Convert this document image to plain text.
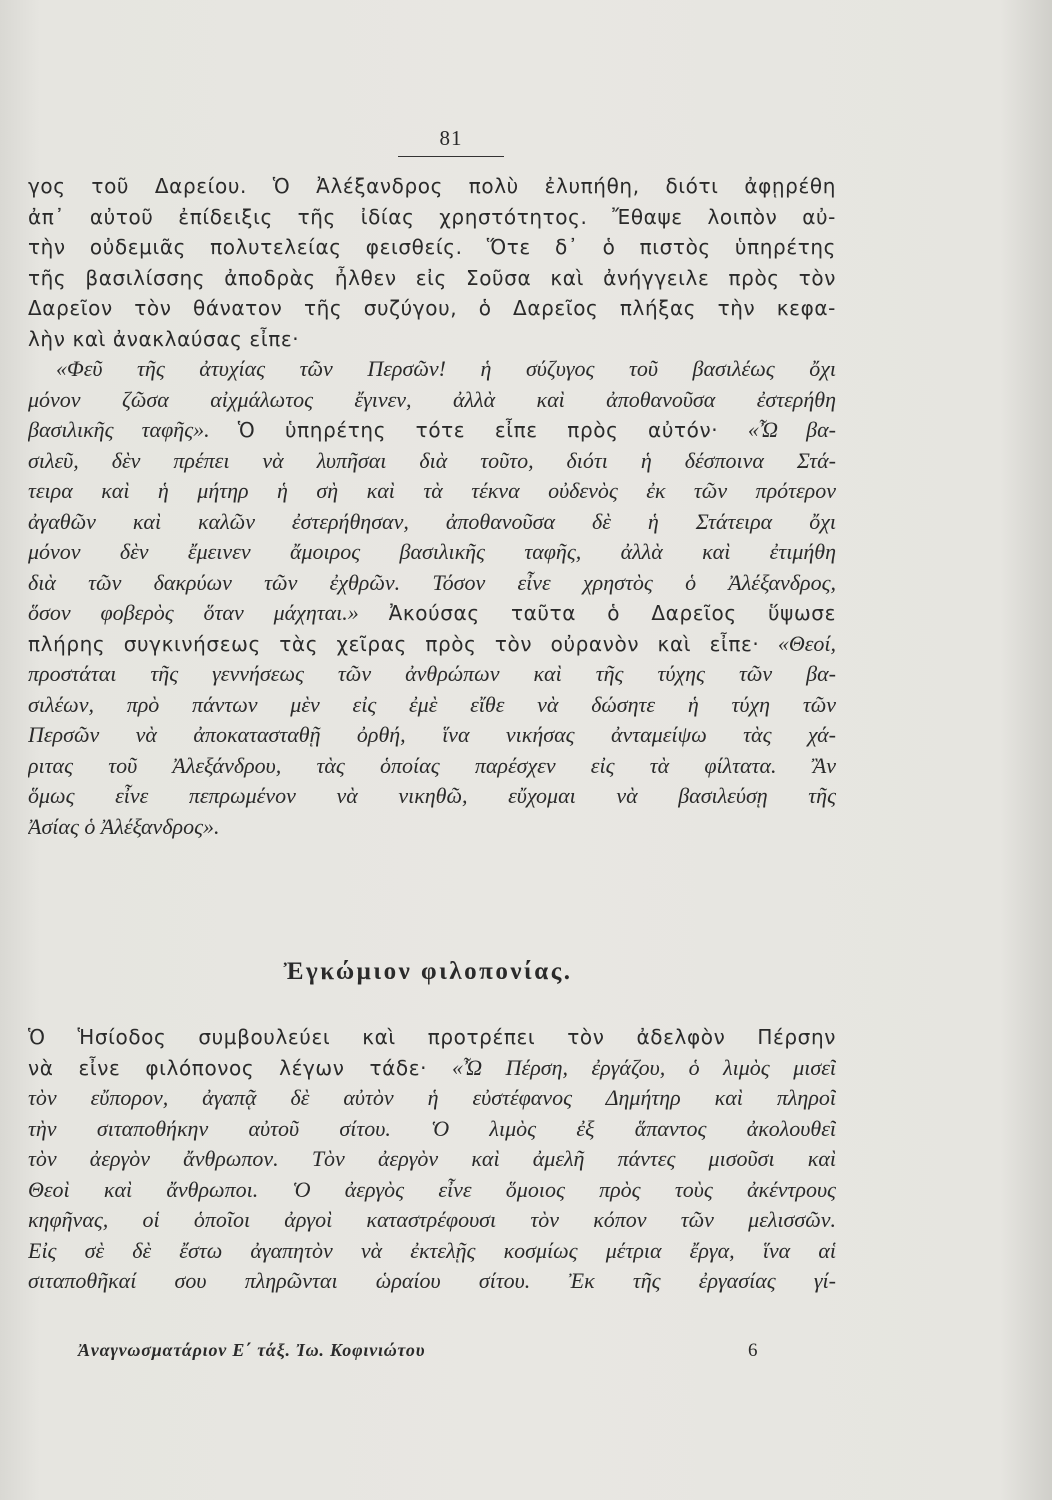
81
γος τοῦ Δαρείου. Ὁ Ἀλέξανδρος πολὺ ἐλυπήθη, διότι ἀφῃρέθη
ἀπ᾿ αὐτοῦ ἐπίδειξις τῆς ἰδίας χρηστότητος. Ἔθαψε λοιπὸν αὐ-
τὴν οὐδεμιᾶς πολυτελείας φεισθείς. Ὅτε δ᾿ ὁ πιστὸς ὑπηρέτης
τῆς βασιλίσσης ἀποδρὰς ἦλθεν εἰς Σοῦσα καὶ ἀνήγγειλε πρὸς τὸν
Δαρεῖον τὸν θάνατον τῆς συζύγου, ὁ Δαρεῖος πλήξας τὴν κεφα-
λὴν καὶ ἀνακλαύσας εἶπε·
«Φεῦ τῆς ἀτυχίας τῶν Περσῶν! ἡ σύζυγος τοῦ βασιλέως ὄχι
μόνον ζῶσα αἰχμάλωτος ἔγινεν, ἀλλὰ καὶ ἀποθανοῦσα ἐστερήθη
βασιλικῆς ταφῆς». Ὁ ὑπηρέτης τότε εἶπε πρὸς αὐτόν· «Ὦ βα-
σιλεῦ, δὲν πρέπει νὰ λυπῆσαι διὰ τοῦτο, διότι ἡ δέσποινα Στά-
τειρα καὶ ἡ μήτηρ ἡ σὴ καὶ τὰ τέκνα οὐδενὸς ἐκ τῶν πρότερον
ἀγαθῶν καὶ καλῶν ἐστερήθησαν, ἀποθανοῦσα δὲ ἡ Στάτειρα ὄχι
μόνον δὲν ἔμεινεν ἄμοιρος βασιλικῆς ταφῆς, ἀλλὰ καὶ ἐτιμήθη
διὰ τῶν δακρύων τῶν ἐχθρῶν. Τόσον εἶνε χρηστὸς ὁ Ἀλέξανδρος,
ὅσον φοβερὸς ὅταν μάχηται.» Ἀκούσας ταῦτα ὁ Δαρεῖος ὕψωσε
πλήρης συγκινήσεως τὰς χεῖρας πρὸς τὸν οὐρανὸν καὶ εἶπε· «Θεοί,
προστάται τῆς γεννήσεως τῶν ἀνθρώπων καὶ τῆς τύχης τῶν βα-
σιλέων, πρὸ πάντων μὲν εἰς ἐμὲ εἴθε νὰ δώσητε ἡ τύχη τῶν
Περσῶν νὰ ἀποκατασταθῇ ὀρθή, ἵνα νικήσας ἀνταμείψω τὰς χά-
ριτας τοῦ Ἀλεξάνδρου, τὰς ὁποίας παρέσχεν εἰς τὰ φίλτατα. Ἂν
ὅμως εἶνε πεπρωμένον νὰ νικηθῶ, εὔχομαι νὰ βασιλεύσῃ τῆς
Ἀσίας ὁ Ἀλέξανδρος».
Ἐγκώμιον φιλοπονίας.
Ὁ Ἡσίοδος συμβουλεύει καὶ προτρέπει τὸν ἀδελφὸν Πέρσην
νὰ εἶνε φιλόπονος λέγων τάδε· «Ὦ Πέρση, ἐργάζου, ὁ λιμὸς μισεῖ
τὸν εὔπορον, ἀγαπᾷ δὲ αὐτὸν ἡ εὐστέφανος Δημήτηρ καὶ πληροῖ
τὴν σιταποθήκην αὐτοῦ σίτου. Ὁ λιμὸς ἐξ ἅπαντος ἀκολουθεῖ
τὸν ἀεργὸν ἄνθρωπον. Τὸν ἀεργὸν καὶ ἀμελῆ πάντες μισοῦσι καὶ
Θεοὶ καὶ ἄνθρωποι. Ὁ ἀεργὸς εἶνε ὅμοιος πρὸς τοὺς ἀκέντρους
κηφῆνας, οἱ ὁποῖοι ἀργοὶ καταστρέφουσι τὸν κόπον τῶν μελισσῶν.
Εἰς σὲ δὲ ἔστω ἀγαπητὸν νὰ ἐκτελῇς κοσμίως μέτρια ἔργα, ἵνα αἱ
σιταποθῆκαί σου πληρῶνται ὡραίου σίτου. Ἐκ τῆς ἐργασίας γί-
Ἀναγνωσματάριον Ε΄ τάξ. Ἰω. Κοφινιώτου	6
